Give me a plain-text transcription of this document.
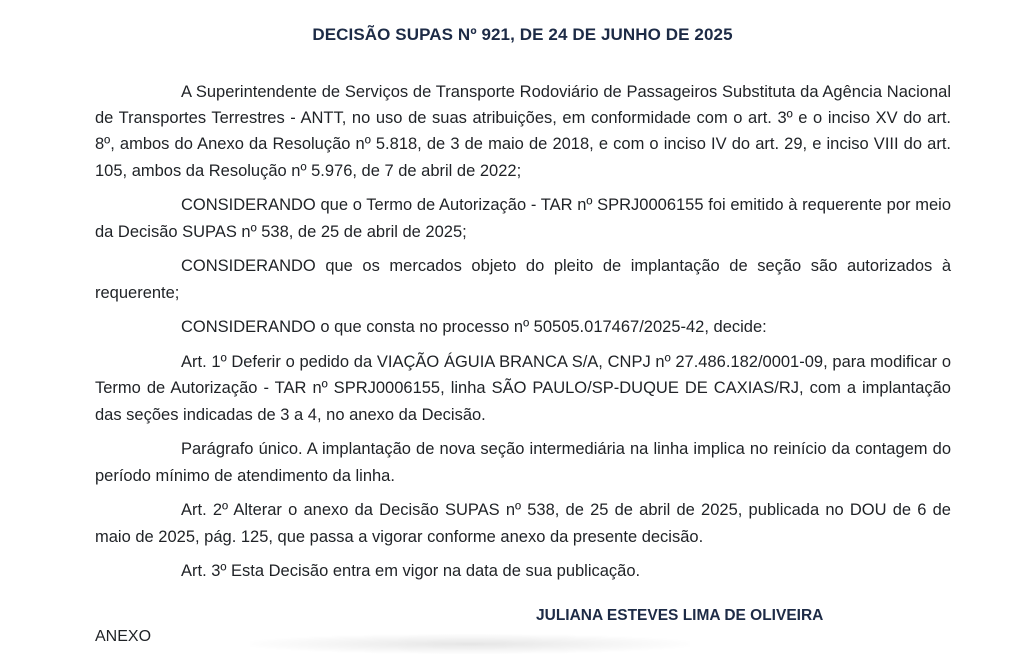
DECISÃO SUPAS Nº 921, DE 24 DE JUNHO DE 2025

A Superintendente de Serviços de Transporte Rodoviário de Passageiros Substituta da Agência Nacional de Transportes Terrestres - ANTT, no uso de suas atribuições, em conformidade com o art. 3º e o inciso XV do art. 8º, ambos do Anexo da Resolução nº 5.818, de 3 de maio de 2018, e com o inciso IV do art. 29, e inciso VIII do art. 105, ambos da Resolução nº 5.976, de 7 de abril de 2022;

CONSIDERANDO que o Termo de Autorização - TAR nº SPRJ0006155 foi emitido à requerente por meio da Decisão SUPAS nº 538, de 25 de abril de 2025;

CONSIDERANDO que os mercados objeto do pleito de implantação de seção são autorizados à requerente;

CONSIDERANDO o que consta no processo nº 50505.017467/2025-42, decide:

Art. 1º Deferir o pedido da VIAÇÃO ÁGUIA BRANCA S/A, CNPJ nº 27.486.182/0001-09, para modificar o Termo de Autorização - TAR nº SPRJ0006155, linha SÃO PAULO/SP-DUQUE DE CAXIAS/RJ, com a implantação das seções indicadas de 3 a 4, no anexo da Decisão.

Parágrafo único. A implantação de nova seção intermediária na linha implica no reinício da contagem do período mínimo de atendimento da linha.

Art. 2º Alterar o anexo da Decisão SUPAS nº 538, de 25 de abril de 2025, publicada no DOU de 6 de maio de 2025, pág. 125, que passa a vigorar conforme anexo da presente decisão.

Art. 3º Esta Decisão entra em vigor na data de sua publicação.

JULIANA ESTEVES LIMA DE OLIVEIRA
ANEXO
